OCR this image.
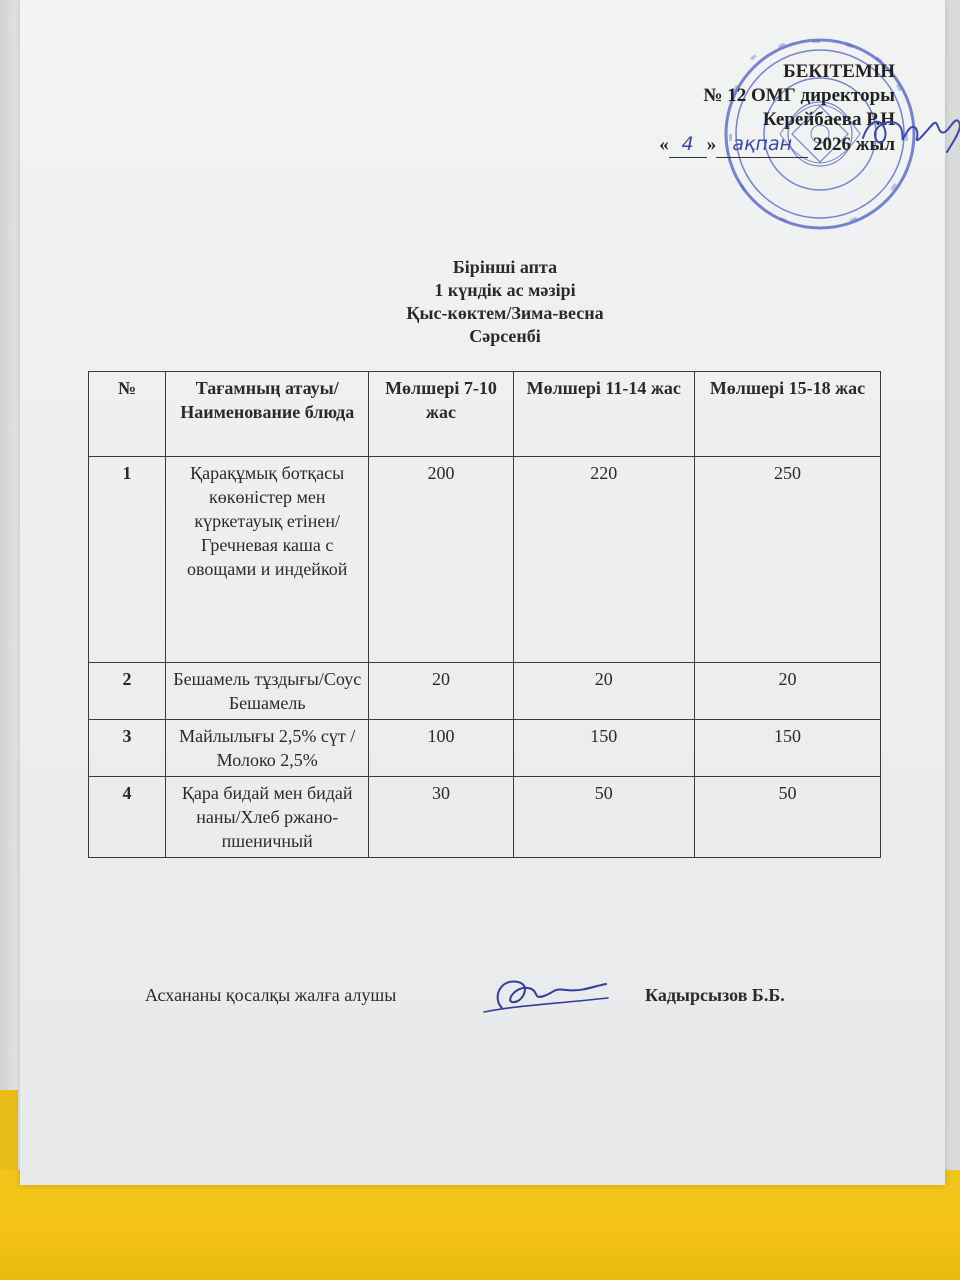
БЕКІТЕМІН
№ 12 ОМГ директоры
Керейбаева Р.Н
« 4 » ақпан 2026 жыл
Бірінші апта
1 күндік ас мәзірі
Қыс-көктем/Зима-весна
Сәрсенбі
№	Тағамның атауы/ Наименование блюда	Мөлшері 7-10 жас	Мөлшері 11-14 жас	Мөлшері 15-18 жас
1	Қарақұмық ботқасы көкөністер мен күркетауық етінен/Гречневая каша с овощами и индейкой	200	220	250
2	Бешамель тұздығы/Соус Бешамель	20	20	20
3	Майлылығы 2,5% сүт /Молоко 2,5%	100	150	150
4	Қара бидай мен бидай наны/Хлеб ржано-пшеничный	30	50	50
Асхананы қосалқы жалға алушы	Кадырсызов Б.Б.
